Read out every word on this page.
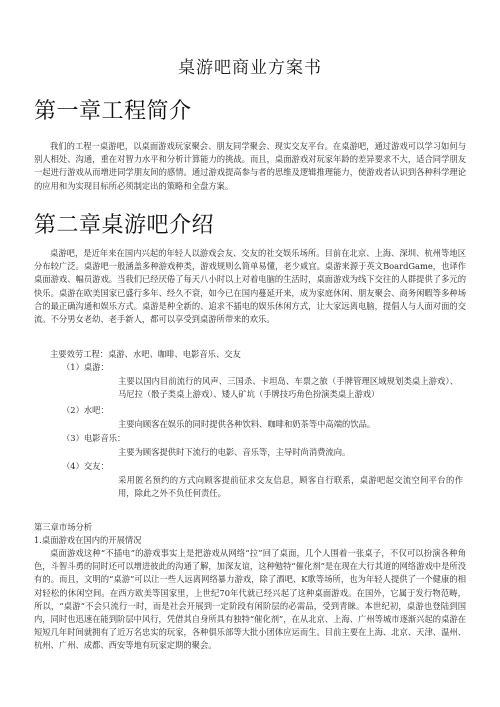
桌游吧商业方案书
第一章工程简介

我们的工程一桌游吧，以桌面游戏玩家聚会、朋友同学聚会、现实交友平台。在桌游吧，通过游戏可以学习如何与别人相处、沟通，重在对智力水平和分析计算能力的挑战。而且，桌面游戏对玩家年龄的差异要求不大，适合同学朋友一起进行游戏从而增进同学朋友间的感情。通过游戏提高参与者的思维及逻辑推理能力，使游戏者认识到各种科学理论的应用和为实现目标所必须制定出的策略和全盘方案。

第二章桌游吧介绍

桌游吧，是近年来在国内兴起的年轻人以游戏会友、交友的社交娱乐场所。目前在北京、上海、深圳、杭州等地区分布较广泛。桌游吧一般涵盖多种游戏种类，游戏规则么简单易懂，老少咸宜。桌游来源于英文BoardGame，也译作桌面游戏、幅员游戏。当我们已经厌倦了每天八小时以上对着电脑的生活时，桌面游戏为线下交往的人群提供了多元的快乐。桌游在欧美国家已盛行多年、经久不衰，如今已在国内蔓延开来，成为家庭休闲、朋友聚会、商务闲暇等多种场合的最正确沟通和娱乐方式。桌游是种全新的、追求不插电的娱乐休闲方式，让大家远离电脑，提倡人与人面对面的交流。不分男女老幼、老手新人，都可以享受到桌游所带来的欢乐。

主要效劳工程：桌游、水吧、咖啡、电影音乐、交友

（1）桌游：

主要以国内目前流行的风声、三国杀、卡坦岛、车票之旅（手牌管理区域规划类桌上游戏）、马尼拉（骰子类桌上游戏）、矮人矿坑（手牌技巧角色扮演类桌上游戏）

（2）水吧：

主要向顾客在娱乐的同时提供各种饮料、咖啡和奶茶等中高端的饮品。

（3）电影音乐：

主要为顾客提供时下流行的电影、音乐等，主导时尚消费流向。

（4）交友：

采用匿名预约的方式向顾客提前征求交友信息，顾客自行联系，桌游吧起交流空间平台的作用，除此之外不负任何责任。

第三章市场分析

1.桌面游戏在国内的开展情况

桌面游戏这种“不插电”的游戏事实上是把游戏从网络“拉”回了桌面，几个人围着一张桌子，不仅可以扮演各种角色，斗智斗勇的同时还可以增进彼此的沟通了解，加深友谊，这种勉特“催化剂”是在现在大行其道的网络游戏中是所没有的。而且，文明的“桌游”可以让一些人远离网络暴力游戏，除了酒吧、K歌等场所，也为年轻人提供了一个健康的相对轻松的休闲空间。在西方欧美等国家里，上世纪70年代就已经兴起了这种桌面游戏。在国外，它属于发行物范畴，所以，“桌游”不会只流行一时，而是社会开展到一定阶段有闲阶层的必需品，受到青睐。本世纪初，桌游也登陆到国内，同时也迅速在能到阶层中风行，凭借其自身所具有独特“催化剂”，在从北京、上海、广州等城市逐渐兴起的桌游在短短几年时间就拥有了近万名忠实的玩家，各种俱乐部等大批小团体应运而生。目前主要在上海、北京、天津、温州、杭州、广州、成都、西安等地有玩家定期的聚会。
